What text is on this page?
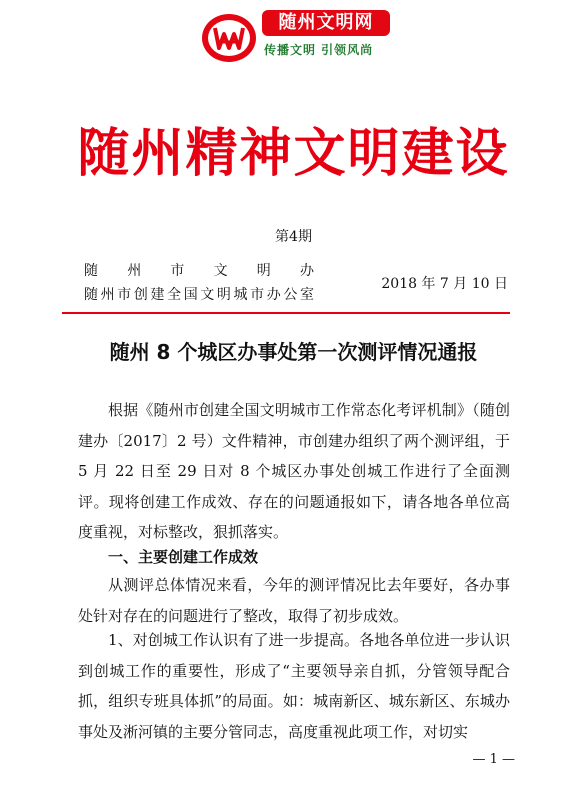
随州文明网
传播文明 引领风尚
随州精神文明建设
第4期
随州市文明办
随州市创建全国文明城市办公室
2018 年 7 月 10 日
随州 8 个城区办事处第一次测评情况通报
根据《随州市创建全国文明城市工作常态化考评机制》（随创建办〔2017〕2 号）文件精神，市创建办组织了两个测评组，于 5 月 22 日至 29 日对 8 个城区办事处创城工作进行了全面测评。现将创建工作成效、存在的问题通报如下，请各地各单位高度重视，对标整改，狠抓落实。
一、主要创建工作成效
从测评总体情况来看，今年的测评情况比去年要好，各办事处针对存在的问题进行了整改，取得了初步成效。
1、对创城工作认识有了进一步提高。各地各单位进一步认识到创城工作的重要性，形成了“主要领导亲自抓，分管领导配合抓，组织专班具体抓”的局面。如：城南新区、城东新区、东城办事处及淅河镇的主要分管同志，高度重视此项工作，对切实
— 1 —
